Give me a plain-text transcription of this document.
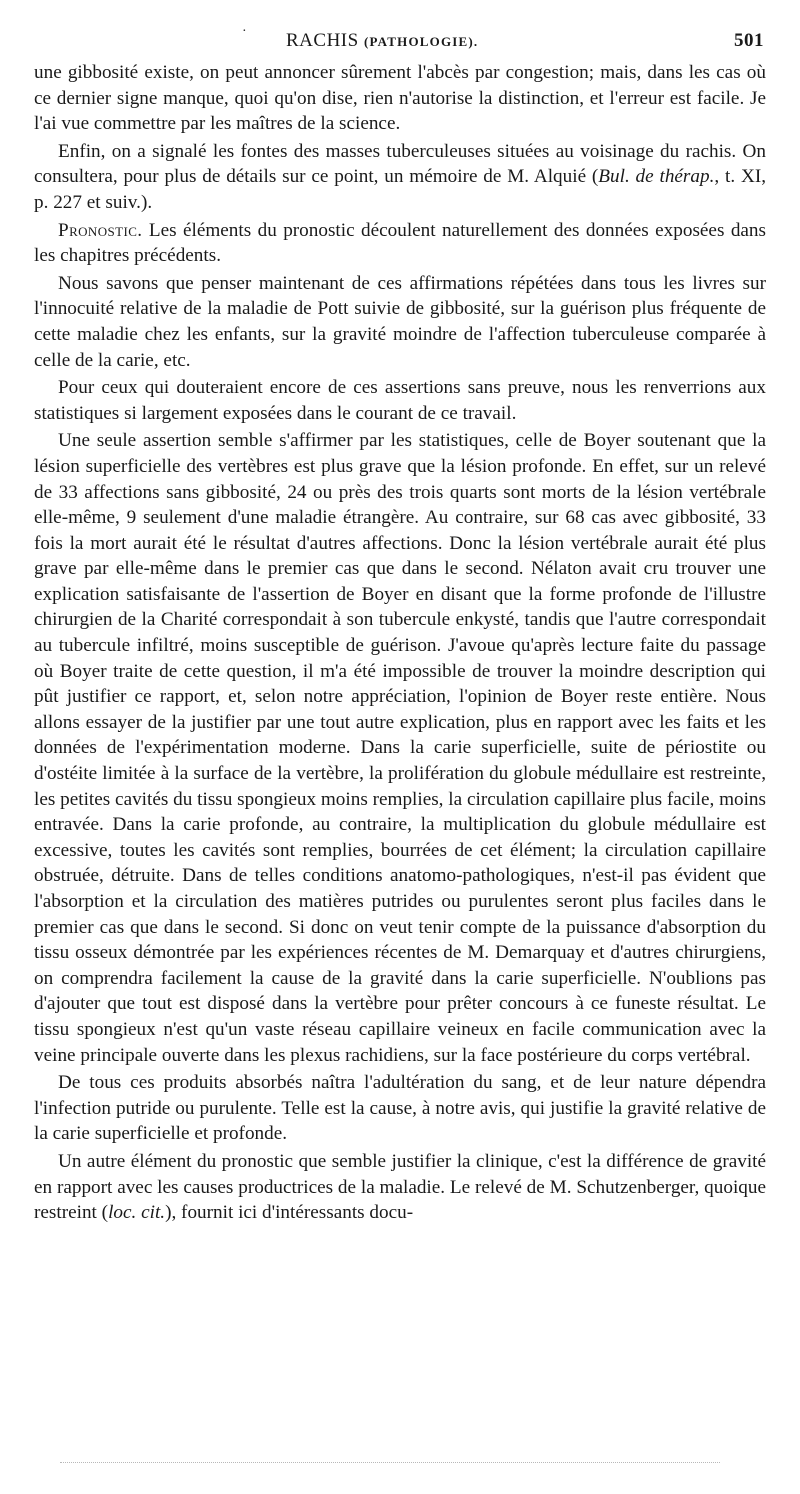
· RACHIS (PATHOLOGIE).	501

une gibbosité existe, on peut annoncer sûrement l'abcès par congestion; mais, dans les cas où ce dernier signe manque, quoi qu'on dise, rien n'autorise la distinction, et l'erreur est facile. Je l'ai vue commettre par les maîtres de la science.

Enfin, on a signalé les fontes des masses tuberculeuses situées au voisinage du rachis. On consultera, pour plus de détails sur ce point, un mémoire de M. Alquié (Bul. de thérap., t. XI, p. 227 et suiv.).

Pronostic. Les éléments du pronostic découlent naturellement des données exposées dans les chapitres précédents.

Nous savons que penser maintenant de ces affirmations répétées dans tous les livres sur l'innocuité relative de la maladie de Pott suivie de gibbosité, sur la guérison plus fréquente de cette maladie chez les enfants, sur la gravité moindre de l'affection tuberculeuse comparée à celle de la carie, etc.

Pour ceux qui douteraient encore de ces assertions sans preuve, nous les renverrions aux statistiques si largement exposées dans le courant de ce travail.

Une seule assertion semble s'affirmer par les statistiques, celle de Boyer soutenant que la lésion superficielle des vertèbres est plus grave que la lésion profonde. En effet, sur un relevé de 33 affections sans gibbosité, 24 ou près des trois quarts sont morts de la lésion vertébrale elle-même, 9 seulement d'une maladie étrangère. Au contraire, sur 68 cas avec gibbosité, 33 fois la mort aurait été le résultat d'autres affections. Donc la lésion vertébrale aurait été plus grave par elle-même dans le premier cas que dans le second. Nélaton avait cru trouver une explication satisfaisante de l'assertion de Boyer en disant que la forme profonde de l'illustre chirurgien de la Charité correspondait à son tubercule enkysté, tandis que l'autre correspondait au tubercule infiltré, moins susceptible de guérison. J'avoue qu'après lecture faite du passage où Boyer traite de cette question, il m'a été impossible de trouver la moindre description qui pût justifier ce rapport, et, selon notre appréciation, l'opinion de Boyer reste entière. Nous allons essayer de la justifier par une tout autre explication, plus en rapport avec les faits et les données de l'expérimentation moderne. Dans la carie superficielle, suite de périostite ou d'ostéite limitée à la surface de la vertèbre, la prolifération du globule médullaire est restreinte, les petites cavités du tissu spongieux moins remplies, la circulation capillaire plus facile, moins entravée. Dans la carie profonde, au contraire, la multiplication du globule médullaire est excessive, toutes les cavités sont remplies, bourrées de cet élément; la circulation capillaire obstruée, détruite. Dans de telles conditions anatomo-pathologiques, n'est-il pas évident que l'absorption et la circulation des matières putrides ou purulentes seront plus faciles dans le premier cas que dans le second. Si donc on veut tenir compte de la puissance d'absorption du tissu osseux démontrée par les expériences récentes de M. Demarquay et d'autres chirurgiens, on comprendra facilement la cause de la gravité dans la carie superficielle. N'oublions pas d'ajouter que tout est disposé dans la vertèbre pour prêter concours à ce funeste résultat. Le tissu spongieux n'est qu'un vaste réseau capillaire veineux en facile communication avec la veine principale ouverte dans les plexus rachidiens, sur la face postérieure du corps vertébral.

De tous ces produits absorbés naîtra l'adultération du sang, et de leur nature dépendra l'infection putride ou purulente. Telle est la cause, à notre avis, qui justifie la gravité relative de la carie superficielle et profonde.

Un autre élément du pronostic que semble justifier la clinique, c'est la différence de gravité en rapport avec les causes productrices de la maladie. Le relevé de M. Schutzenberger, quoique restreint (loc. cit.), fournit ici d'intéressants docu-
